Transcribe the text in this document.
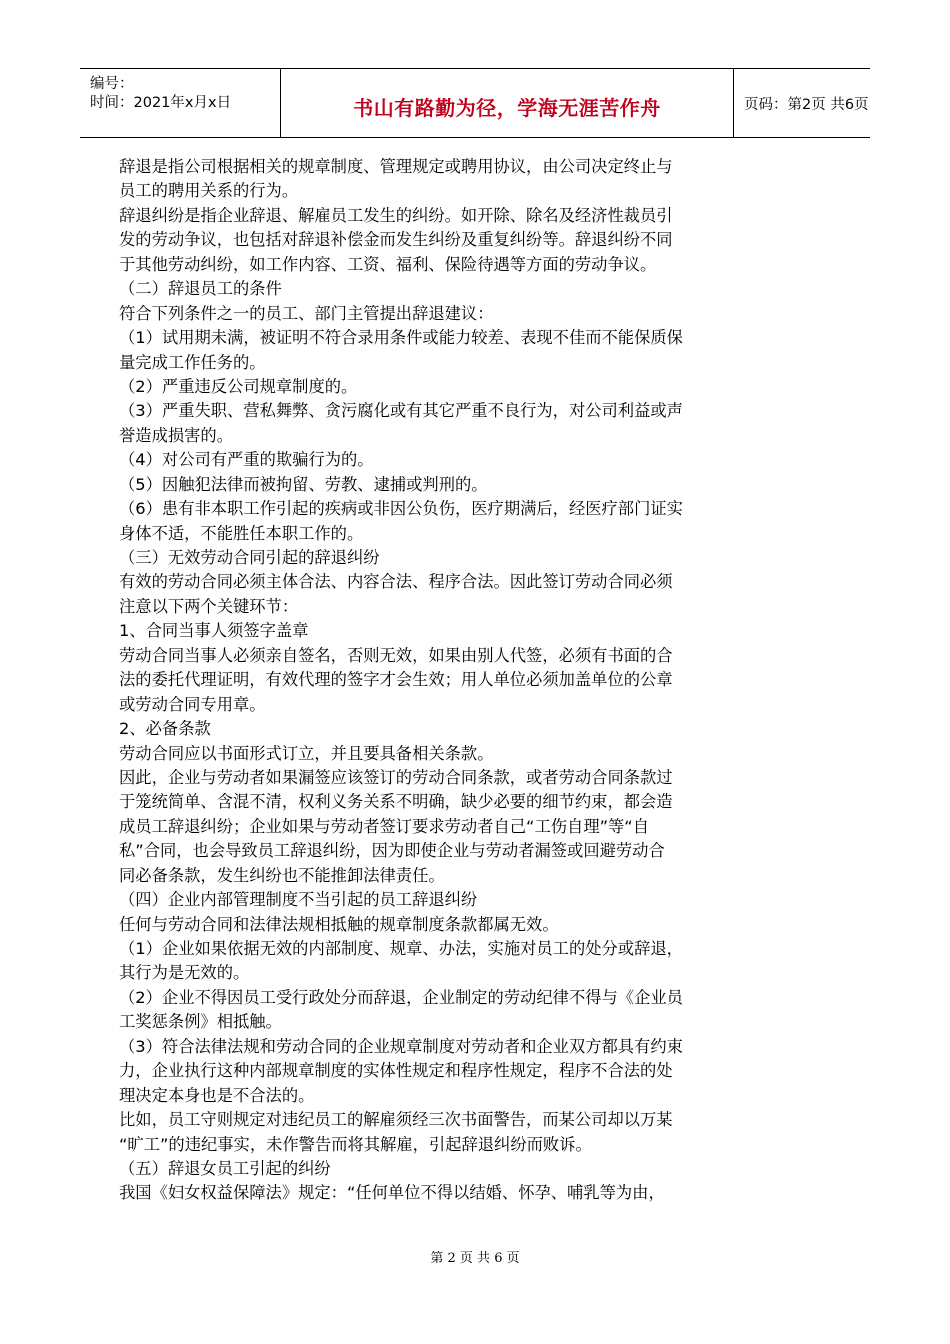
编号：
时间：2021年x月x日	书山有路勤为径，学海无涯苦作舟	页码：第2页 共6页
辞退是指公司根据相关的规章制度、管理规定或聘用协议，由公司决定终止与
员工的聘用关系的行为。
辞退纠纷是指企业辞退、解雇员工发生的纠纷。如开除、除名及经济性裁员引
发的劳动争议，也包括对辞退补偿金而发生纠纷及重复纠纷等。辞退纠纷不同
于其他劳动纠纷，如工作内容、工资、福利、保险待遇等方面的劳动争议。
（二）辞退员工的条件
符合下列条件之一的员工、部门主管提出辞退建议：
（1）试用期未满，被证明不符合录用条件或能力较差、表现不佳而不能保质保
量完成工作任务的。
（2）严重违反公司规章制度的。
（3）严重失职、营私舞弊、贪污腐化或有其它严重不良行为，对公司利益或声
誉造成损害的。
（4）对公司有严重的欺骗行为的。
（5）因触犯法律而被拘留、劳教、逮捕或判刑的。
（6）患有非本职工作引起的疾病或非因公负伤，医疗期满后，经医疗部门证实
身体不适，不能胜任本职工作的。
（三）无效劳动合同引起的辞退纠纷
有效的劳动合同必须主体合法、内容合法、程序合法。因此签订劳动合同必须
注意以下两个关键环节：
1、合同当事人须签字盖章
劳动合同当事人必须亲自签名，否则无效，如果由别人代签，必须有书面的合
法的委托代理证明，有效代理的签字才会生效；用人单位必须加盖单位的公章
或劳动合同专用章。
2、必备条款
劳动合同应以书面形式订立，并且要具备相关条款。
因此，企业与劳动者如果漏签应该签订的劳动合同条款，或者劳动合同条款过
于笼统简单、含混不清，权利义务关系不明确，缺少必要的细节约束，都会造
成员工辞退纠纷；企业如果与劳动者签订要求劳动者自己“工伤自理”等“自
私”合同，也会导致员工辞退纠纷，因为即使企业与劳动者漏签或回避劳动合
同必备条款，发生纠纷也不能推卸法律责任。
（四）企业内部管理制度不当引起的员工辞退纠纷
任何与劳动合同和法律法规相抵触的规章制度条款都属无效。
（1）企业如果依据无效的内部制度、规章、办法，实施对员工的处分或辞退，
其行为是无效的。
（2）企业不得因员工受行政处分而辞退，企业制定的劳动纪律不得与《企业员
工奖惩条例》相抵触。
（3）符合法律法规和劳动合同的企业规章制度对劳动者和企业双方都具有约束
力，企业执行这种内部规章制度的实体性规定和程序性规定，程序不合法的处
理决定本身也是不合法的。
比如，员工守则规定对违纪员工的解雇须经三次书面警告，而某公司却以万某
“旷工”的违纪事实，未作警告而将其解雇，引起辞退纠纷而败诉。
（五）辞退女员工引起的纠纷
我国《妇女权益保障法》规定：“任何单位不得以结婚、怀孕、哺乳等为由，
第 2 页 共 6 页
